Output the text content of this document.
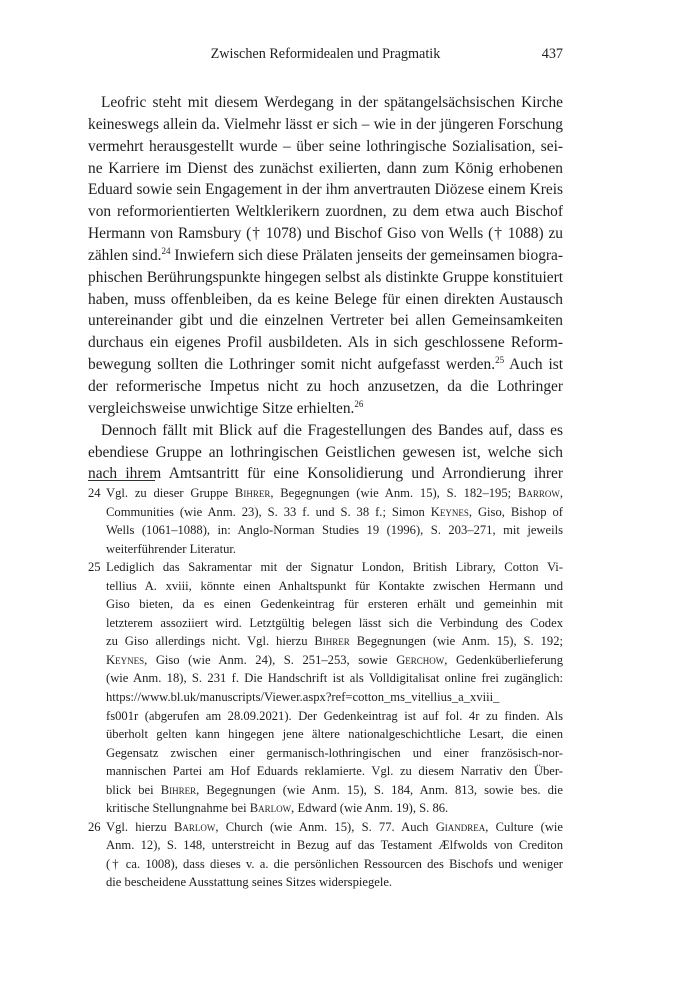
Zwischen Reformidealen und Pragmatik	437
Leofric steht mit diesem Werdegang in der spätangelsächsischen Kirche
keineswegs allein da. Vielmehr lässt er sich – wie in der jüngeren Forschung
vermehrt herausgestellt wurde – über seine lothringische Sozialisation, sei-
ne Karriere im Dienst des zunächst exilierten, dann zum König erhobenen
Eduard sowie sein Engagement in der ihm anvertrauten Diözese einem Kreis
von reformorientierten Weltklerikern zuordnen, zu dem etwa auch Bischof
Hermann von Ramsbury († 1078) und Bischof Giso von Wells († 1088) zu
zählen sind.$^{24}$ Inwiefern sich diese Prälaten jenseits der gemeinsamen biogra-
phischen Berührungspunkte hingegen selbst als distinkte Gruppe konstituiert
haben, muss offenbleiben, da es keine Belege für einen direkten Austausch
untereinander gibt und die einzelnen Vertreter bei allen Gemeinsamkeiten
durchaus ein eigenes Profil ausbildeten. Als in sich geschlossene Reform-
bewegung sollten die Lothringer somit nicht aufgefasst werden.$^{25}$ Auch ist
der reformerische Impetus nicht zu hoch anzusetzen, da die Lothringer
vergleichsweise unwichtige Sitze erhielten.$^{26}$
Dennoch fällt mit Blick auf die Fragestellungen des Bandes auf, dass es
ebendiese Gruppe an lothringischen Geistlichen gewesen ist, welche sich
nach ihrem Amtsantritt für eine Konsolidierung und Arrondierung ihrer
24 Vgl. zu dieser Gruppe Bihrer, Begegnungen (wie Anm. 15), S. 182–195; Barrow,
Communities (wie Anm. 23), S. 33 f. und S. 38 f.; Simon Keynes, Giso, Bishop of
Wells (1061–1088), in: Anglo-Norman Studies 19 (1996), S. 203–271, mit jeweils
weiterführender Literatur.
25 Lediglich das Sakramentar mit der Signatur London, British Library, Cotton Vi-
tellius A. xviii, könnte einen Anhaltspunkt für Kontakte zwischen Hermann und
Giso bieten, da es einen Gedenkeintrag für ersteren erhält und gemeinhin mit
letzterem assoziiert wird. Letztgültig belegen lässt sich die Verbindung des Codex
zu Giso allerdings nicht. Vgl. hierzu Bihrer Begegnungen (wie Anm. 15), S. 192;
Keynes, Giso (wie Anm. 24), S. 251–253, sowie Gerchow, Gedenküberlieferung
(wie Anm. 18), S. 231 f. Die Handschrift ist als Volldigitalisat online frei zugänglich:
https://www.bl.uk/manuscripts/Viewer.aspx?ref=cotton_ms_vitellius_a_xviii_
fs001r (abgerufen am 28.09.2021). Der Gedenkeintrag ist auf fol. 4r zu finden. Als
überholt gelten kann hingegen jene ältere nationalgeschichtliche Lesart, die einen
Gegensatz zwischen einer germanisch-lothringischen und einer französisch-nor-
mannischen Partei am Hof Eduards reklamierte. Vgl. zu diesem Narrativ den Über-
blick bei Bihrer, Begegnungen (wie Anm. 15), S. 184, Anm. 813, sowie bes. die
kritische Stellungnahme bei Barlow, Edward (wie Anm. 19), S. 86.
26 Vgl. hierzu Barlow, Church (wie Anm. 15), S. 77. Auch Giandrea, Culture (wie
Anm. 12), S. 148, unterstreicht in Bezug auf das Testament Ælfwolds von Crediton
(† ca. 1008), dass dieses v. a. die persönlichen Ressourcen des Bischofs und weniger
die bescheidene Ausstattung seines Sitzes widerspiegele.
